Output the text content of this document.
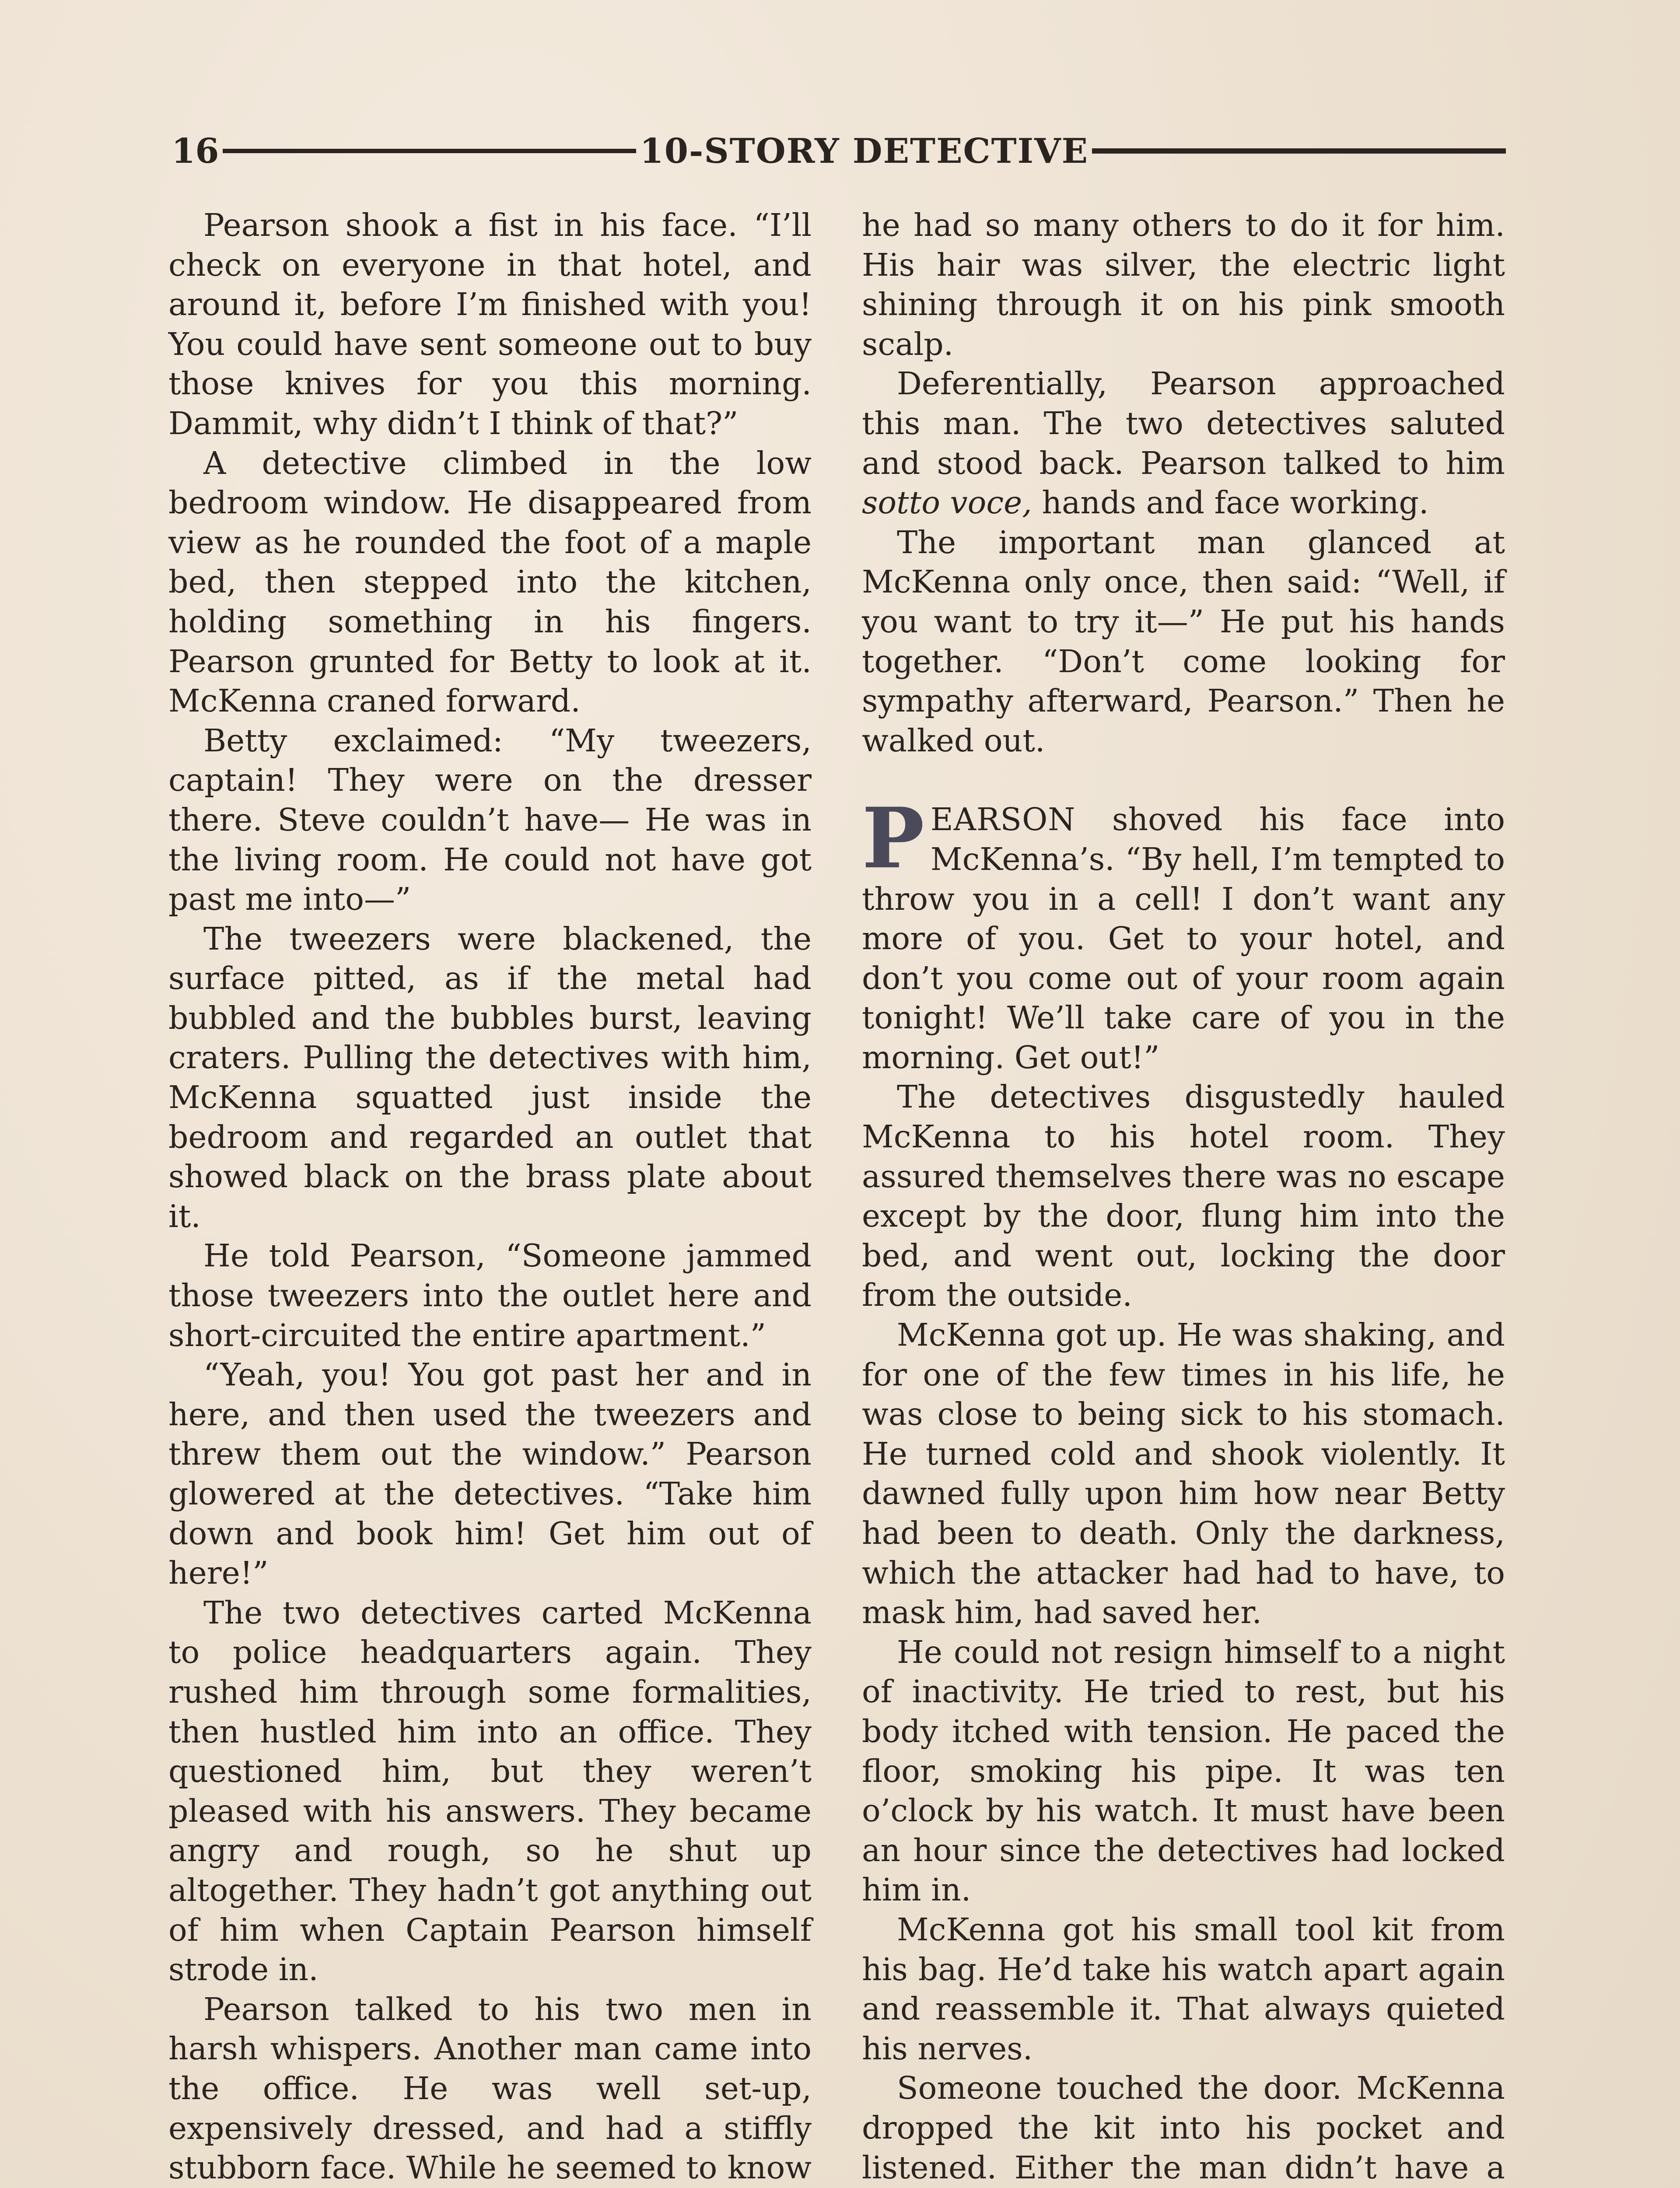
16	10-STORY DETECTIVE

Pearson shook a fist in his face. “I’ll check on everyone in that hotel, and around it, before I’m finished with you! You could have sent someone out to buy those knives for you this morning. Dammit, why didn’t I think of that?”

A detective climbed in the low bedroom window. He disappeared from view as he rounded the foot of a maple bed, then stepped into the kitchen, holding something in his fingers. Pearson grunted for Betty to look at it. McKenna craned forward.

Betty exclaimed: “My tweezers, captain! They were on the dresser there. Steve couldn’t have— He was in the living room. He could not have got past me into—”

The tweezers were blackened, the surface pitted, as if the metal had bubbled and the bubbles burst, leaving craters. Pulling the detectives with him, McKenna squatted just inside the bedroom and regarded an outlet that showed black on the brass plate about it.

He told Pearson, “Someone jammed those tweezers into the outlet here and short-circuited the entire apartment.”

“Yeah, you! You got past her and in here, and then used the tweezers and threw them out the window.” Pearson glowered at the detectives. “Take him down and book him! Get him out of here!”

The two detectives carted McKenna to police headquarters again. They rushed him through some formalities, then hustled him into an office. They questioned him, but they weren’t pleased with his answers. They became angry and rough, so he shut up altogether. They hadn’t got anything out of him when Captain Pearson himself strode in.

Pearson talked to his two men in harsh whispers. Another man came into the office. He was well set-up, expensively dressed, and had a stiffly stubborn face. While he seemed to know

he had so many others to do it for him. His hair was silver, the electric light shining through it on his pink smooth scalp.

Deferentially, Pearson approached this man. The two detectives saluted and stood back. Pearson talked to him sotto voce, hands and face working.

The important man glanced at McKenna only once, then said: “Well, if you want to try it—” He put his hands together. “Don’t come looking for sympathy afterward, Pearson.” Then he walked out.

PEARSON shoved his face into McKenna’s. “By hell, I’m tempted to throw you in a cell! I don’t want any more of you. Get to your hotel, and don’t you come out of your room again tonight! We’ll take care of you in the morning. Get out!”

The detectives disgustedly hauled McKenna to his hotel room. They assured themselves there was no escape except by the door, flung him into the bed, and went out, locking the door from the outside.

McKenna got up. He was shaking, and for one of the few times in his life, he was close to being sick to his stomach. He turned cold and shook violently. It dawned fully upon him how near Betty had been to death. Only the darkness, which the attacker had had to have, to mask him, had saved her.

He could not resign himself to a night of inactivity. He tried to rest, but his body itched with tension. He paced the floor, smoking his pipe. It was ten o’clock by his watch. It must have been an hour since the detectives had locked him in.

McKenna got his small tool kit from his bag. He’d take his watch apart again and reassemble it. That always quieted his nerves.

Someone touched the door. McKenna dropped the kit into his pocket and listened. Either the man didn’t have a
